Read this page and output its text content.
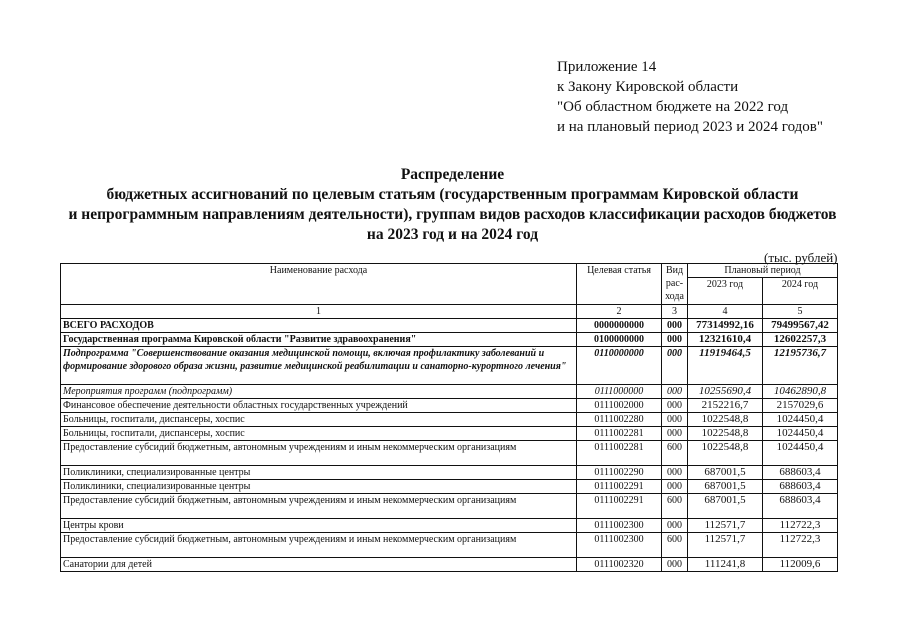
Приложение 14
к Закону Кировской области
"Об областном бюджете на 2022 год
и на плановый период 2023 и 2024 годов"
Распределение
бюджетных ассигнований по целевым статьям (государственным программам Кировской области
и непрограммным направлениям деятельности), группам видов расходов классификации расходов бюджетов
на 2023 год и на 2024 год
(тыс. рублей)
Наименование расхода	Целевая статья	Вид рас-хода	Плановый период	
			2023 год	2024 год
1	2	3	4	5
ВСЕГО РАСХОДОВ	0000000000	000	77314992,16	79499567,42
Государственная программа Кировской области "Развитие здравоохранения"	0100000000	000	12321610,4	12602257,3
Подпрограмма "Совершенствование оказания медицинской помощи, включая профилактику заболеваний и формирование здорового образа жизни, развитие медицинской реабилитации и санаторно-курортного лечения"	0110000000	000	11919464,5	12195736,7
Мероприятия программ (подпрограмм)	0111000000	000	10255690,4	10462890,8
Финансовое обеспечение деятельности областных государственных учреждений	0111002000	000	2152216,7	2157029,6
Больницы, госпитали, диспансеры, хоспис	0111002280	000	1022548,8	1024450,4
Больницы, госпитали, диспансеры, хоспис	0111002281	000	1022548,8	1024450,4
Предоставление субсидий бюджетным, автономным учреждениям и иным некоммерческим организациям	0111002281	600	1022548,8	1024450,4
Поликлиники, специализированные центры	0111002290	000	687001,5	688603,4
Поликлиники, специализированные центры	0111002291	000	687001,5	688603,4
Предоставление субсидий бюджетным, автономным учреждениям и иным некоммерческим организациям	0111002291	600	687001,5	688603,4
Центры крови	0111002300	000	112571,7	112722,3
Предоставление субсидий бюджетным, автономным учреждениям и иным некоммерческим организациям	0111002300	600	112571,7	112722,3
Санатории для детей	0111002320	000	111241,8	112009,6
